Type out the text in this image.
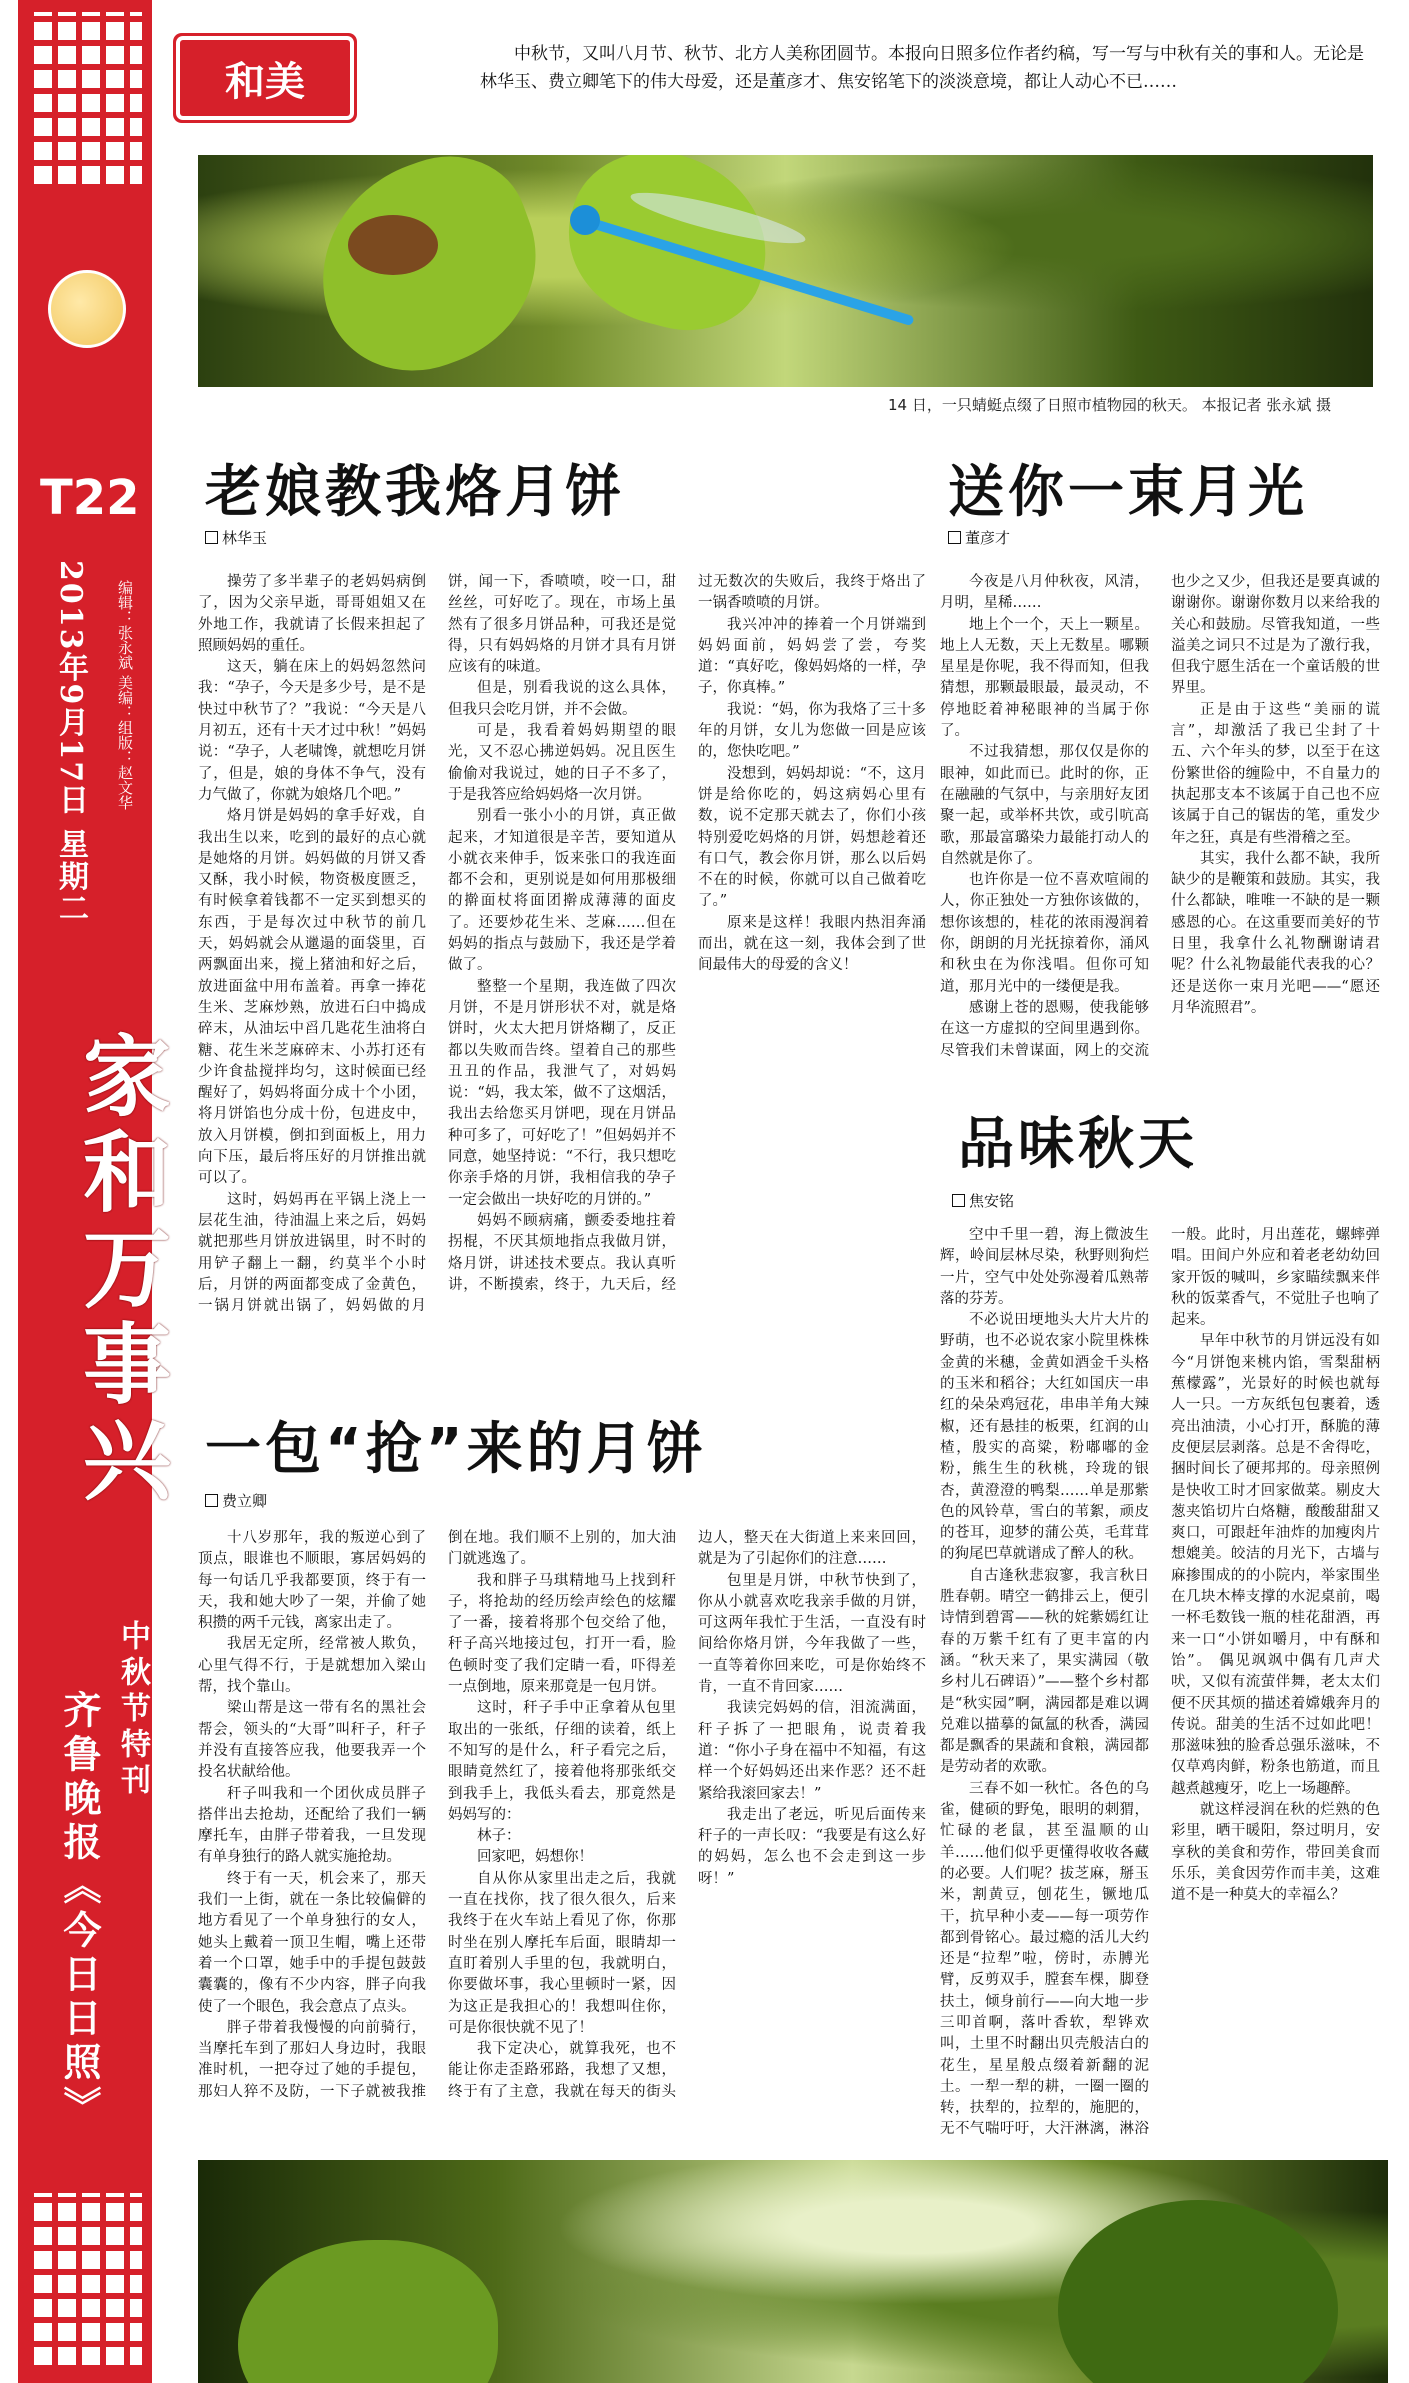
T22
2013年9月17日 星期二 编辑：张永斌 美编：组版：赵文华
家和万事兴
中秋节特刊
齐鲁晚报《今日日照》
和美
中秋节，又叫八月节、秋节、北方人美称团圆节。本报向日照多位作者约稿，写一写与中秋有关的事和人。无论是林华玉、费立卿笔下的伟大母爱，还是董彦才、焦安铭笔下的淡淡意境，都让人动心不已……
14 日，一只蜻蜓点缀了日照市植物园的秋天。 本报记者 张永斌 摄
老娘教我烙月饼
林华玉

操劳了多半辈子的老妈妈病倒了，因为父亲早逝，哥哥姐姐又在外地工作，我就请了长假来担起了照顾妈妈的重任。

这天，躺在床上的妈妈忽然问我：“孕子，今天是多少号，是不是快过中秋节了？”我说：“今天是八月初五，还有十天才过中秋！”妈妈说：“孕子，人老啸馋，就想吃月饼了，但是，娘的身体不争气，没有力气做了，你就为娘烙几个吧。”

烙月饼是妈妈的拿手好戏，自我出生以来，吃到的最好的点心就是她烙的月饼。妈妈做的月饼又香又酥，我小时候，物资极度匮乏，有时候拿着钱都不一定买到想买的东西，于是每次过中秋节的前几天，妈妈就会从邋遢的面袋里，百两飘面出来，搅上猪油和好之后，放进面盆中用布盖着。再拿一捧花生米、芝麻炒熟，放进石臼中捣成碎末，从油坛中舀几匙花生油将白糖、花生米芝麻碎末、小苏打还有少许食盐搅拌均匀，这时候面已经醒好了，妈妈将面分成十个小团，将月饼馅也分成十份，包进皮中，放入月饼模，倒扣到面板上，用力向下压，最后将压好的月饼推出就可以了。

这时，妈妈再在平锅上浇上一层花生油，待油温上来之后，妈妈就把那些月饼放进锅里，时不时的用铲子翻上一翻，约莫半个小时后，月饼的两面都变成了金黄色，一锅月饼就出锅了，妈妈做的月饼，闻一下，香喷喷，咬一口，甜丝丝，可好吃了。现在，市场上虽然有了很多月饼品种，可我还是觉得，只有妈妈烙的月饼才具有月饼应该有的味道。

但是，别看我说的这么具体，但我只会吃月饼，并不会做。

可是，我看着妈妈期望的眼光，又不忍心拂逆妈妈。况且医生偷偷对我说过，她的日子不多了，于是我答应给妈妈烙一次月饼。

别看一张小小的月饼，真正做起来，才知道很是辛苦，要知道从小就衣来伸手，饭来张口的我连面都不会和，更别说是如何用那极细的擀面杖将面团擀成薄薄的面皮了。还要炒花生米、芝麻……但在妈妈的指点与鼓励下，我还是学着做了。

整整一个星期，我连做了四次月饼，不是月饼形状不对，就是烙饼时，火太大把月饼烙糊了，反正都以失败而告终。望着自己的那些丑丑的作品，我泄气了，对妈妈说：“妈，我太笨，做不了这烟活，我出去给您买月饼吧，现在月饼品种可多了，可好吃了！”但妈妈并不同意，她坚持说：“不行，我只想吃你亲手烙的月饼，我相信我的孕子一定会做出一块好吃的月饼的。”

妈妈不顾病痛，颤委委地拄着拐棍，不厌其烦地指点我做月饼，烙月饼，讲述技术要点。我认真听讲，不断摸索，终于，九天后，经过无数次的失败后，我终于烙出了一锅香喷喷的月饼。

我兴冲冲的捧着一个月饼端到妈妈面前，妈妈尝了尝，夸奖道：“真好吃，像妈妈烙的一样，孕子，你真棒。”

我说：“妈，你为我烙了三十多年的月饼，女儿为您做一回是应该的，您快吃吧。”

没想到，妈妈却说：“不，这月饼是给你吃的，妈这病妈心里有数，说不定那天就去了，你们小孩特别爱吃妈烙的月饼，妈想趁着还有口气，教会你月饼，那么以后妈不在的时候，你就可以自己做着吃了。”

原来是这样！我眼内热泪奔涌而出，就在这一刻，我体会到了世间最伟大的母爱的含义！

送你一束月光
董彦才

今夜是八月仲秋夜，风清，月明，星稀……

地上个一个，天上一颗星。地上人无数，天上无数星。哪颗星星是你呢，我不得而知，但我猜想，那颗最眼最，最灵动，不停地眨着神秘眼神的当属于你了。

不过我猜想，那仅仅是你的眼神，如此而已。此时的你，正在融融的气氛中，与亲朋好友团聚一起，或举杯共饮，或引吭高歌，那最富璐染力最能打动人的自然就是你了。

也许你是一位不喜欢喧闹的人，你正独处一方独你该做的，想你该想的，桂花的浓雨漫润着你，朗朗的月光抚掠着你，涌风和秋虫在为你浅唱。但你可知道，那月光中的一缕便是我。

感谢上苍的恩赐，使我能够在这一方虚拟的空间里遇到你。尽管我们未曾谋面，网上的交流也少之又少，但我还是要真诚的谢谢你。谢谢你数月以来给我的关心和鼓励。尽管我知道，一些溢美之词只不过是为了激行我，但我宁愿生活在一个童话般的世界里。

正是由于这些“美丽的谎言”，却激活了我已尘封了十五、六个年头的梦，以至于在这份繁世俗的缠险中，不自量力的执起那支本不该属于自己也不应该属于自己的锯齿的笔，重发少年之狂，真是有些滑稽之至。

其实，我什么都不缺，我所缺少的是鞭策和鼓励。其实，我什么都缺，唯唯一不缺的是一颗感恩的心。在这重要而美好的节日里，我拿什么礼物酬谢请君呢？什么礼物最能代表我的心？还是送你一束月光吧——“愿还月华流照君”。

品味秋天
焦安铭

空中千里一碧，海上微波生辉，岭间层林尽染，秋野则狗烂一片，空气中处处弥漫着瓜熟蒂落的芬芳。

不必说田埂地头大片大片的野萌，也不必说农家小院里株株金黄的米穗，金黄如酒金千头格的玉米和稻谷；大红如国庆一串红的朵朵鸡冠花，串串羊角大辣椒，还有悬挂的板栗，红润的山楂，殷实的高粱，粉嘟嘟的金粉，熊生生的秋桃，玲珑的银杏，黄澄澄的鸭梨……单是那紫色的风铃草，雪白的苇絮，顽皮的苍耳，迎梦的蒲公英，毛茸茸的狗尾巴草就谱成了醉人的秋。

自古逢秋悲寂寥，我言秋日胜春朝。晴空一鹤排云上，便引诗情到碧霄——秋的姹紫嫣红让春的万紫千红有了更丰富的内涵。“秋天来了，果实满园（敬乡村儿石碑语）”——整个乡村都是“秋实园”啊，满园都是难以调兑难以描摹的氤氲的秋香，满园都是飘香的果蔬和食粮，满园都是劳动者的欢歌。

三春不如一秋忙。各色的乌雀，健硕的野兔，眼明的刺猬，忙碌的老鼠，甚至温顺的山羊……他们似乎更懂得收收各藏的必要。人们呢？拔芝麻，掰玉米，割黄豆，刨花生，镢地瓜干，抗早种小麦——每一项劳作都到骨铭心。最过瘾的活儿大约还是“拉犁”啦，傍时，赤膊光臂，反剪双手，膛套车棵，脚登扶土，倾身前行——向大地一步三叩首啊，落叶香软，犁铧欢叫，土里不时翻出贝壳般洁白的花生，星星般点缀着新翻的泥土。一犁一犁的耕，一圈一圈的转，扶犁的，拉犁的，施肥的，无不气喘吁吁，大汗淋漓，淋浴一般。此时，月出莲花，螺蟀弹唱。田间户外应和着老老幼幼回家开饭的喊叫，乡家瞄续飘来伴秋的饭菜香气，不觉肚子也响了起来。

早年中秋节的月饼远没有如今“月饼饱来桃内馅，雪梨甜柄蕉檬露”，光景好的时候也就每人一只。一方灰纸包包裹着，透亮出油渍，小心打开，酥脆的薄皮便层层剥落。总是不舍得吃，捆时间长了硬邦邦的。母亲照例是快收工时才回家做菜。剔皮大葱夹馅切片白烙糖，酸酸甜甜又爽口，可跟赶年油炸的加瘦肉片想媲美。皎洁的月光下，古墙与麻掺围成的的小院内，举家围坐在几块木棒支撑的水泥桌前，喝一杯毛数钱一瓶的桂花甜酒，再来一口“小饼如嚼月，中有酥和饴”。 偶见飒飒中偶有几声犬吠，又似有流萤伴舞，老太太们便不厌其烦的描述着嫦娥奔月的传说。甜美的生活不过如此吧！那滋味独的脸香总强乐滋味，不仅草鸡肉鲜，粉条也筋道，而且越煮越瘦牙，吃上一场趣醉。

就这样浸润在秋的烂熟的色彩里，晒干暖阳，祭过明月，安享秋的美食和劳作，带回美食而乐乐，美食因劳作而丰美，这难道不是一种莫大的幸福么？

一包“抢”来的月饼
费立卿

十八岁那年，我的叛逆心到了顶点，眼谁也不顺眼，寡居妈妈的每一句话几乎我都要顶，终于有一天，我和她大吵了一架，并偷了她积攒的两千元钱，离家出走了。

我居无定所，经常被人欺负，心里气得不行，于是就想加入梁山帮，找个靠山。

梁山帮是这一带有名的黑社会帮会，领头的“大哥”叫秆子，秆子并没有直接答应我，他要我弄一个投名状献给他。

秆子叫我和一个团伙成员胖子搭伴出去抢劫，还配给了我们一辆摩托车，由胖子带着我，一旦发现有单身独行的路人就实施抢劫。

终于有一天，机会来了，那天我们一上街，就在一条比较偏僻的地方看见了一个单身独行的女人，她头上戴着一顶卫生帽，嘴上还带着一个口罩，她手中的手提包鼓鼓囊囊的，像有不少内容，胖子向我使了一个眼色，我会意点了点头。

胖子带着我慢慢的向前骑行，当摩托车到了那妇人身边时，我眼准时机，一把夺过了她的手提包，那妇人猝不及防，一下子就被我推倒在地。我们顺不上别的，加大油门就逃逸了。

我和胖子马琪精地马上找到秆子，将抢劫的经历绘声绘色的炫耀了一番，接着将那个包交给了他，秆子高兴地接过包，打开一看，脸色顿时变了我们定睛一看，吓得差一点倒地，原来那竟是一包月饼。

这时，秆子手中正拿着从包里取出的一张纸，仔细的读着，纸上不知写的是什么，秆子看完之后，眼睛竟然红了，接着他将那张纸交到我手上，我低头看去，那竟然是妈妈写的：

林子：

回家吧，妈想你！

自从你从家里出走之后，我就一直在找你，找了很久很久，后来我终于在火车站上看见了你，你那时坐在别人摩托车后面，眼睛却一直盯着别人手里的包，我就明白，你要做坏事，我心里顿时一紧，因为这正是我担心的！我想叫住你，可是你很快就不见了！

我下定决心，就算我死，也不能让你走歪路邪路，我想了又想，终于有了主意，我就在每天的街头边人，整天在大街道上来来回回，就是为了引起你们的注意……

包里是月饼，中秋节快到了，你从小就喜欢吃我亲手做的月饼，可这两年我忙于生活，一直没有时间给你烙月饼，今年我做了一些，一直等着你回来吃，可是你始终不肯，一直不肯回家……

我读完妈妈的信，泪流满面，秆子拆了一把眼角，说责着我道：“你小子身在福中不知福，有这样一个好妈妈还出来作恶？还不赶紧给我滚回家去！”

我走出了老远，听见后面传来秆子的一声长叹：“我要是有这么好的妈妈，怎么也不会走到这一步呀！”
